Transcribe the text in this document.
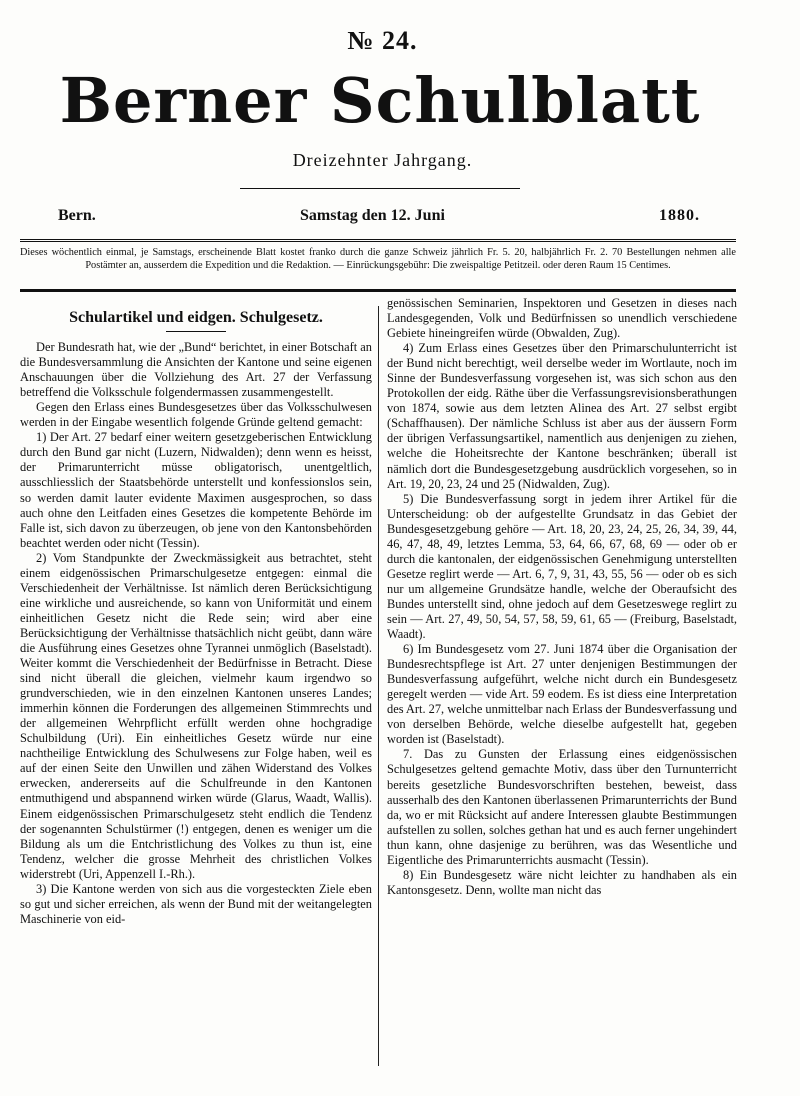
№ 24.
Berner Schulblatt
Dreizehnter Jahrgang.
Bern.	Samstag den 12. Juni	1880.
Dieses wöchentlich einmal, je Samstags, erscheinende Blatt kostet franko durch die ganze Schweiz jährlich Fr. 5. 20, halbjährlich Fr. 2. 70 Bestellungen nehmen alle Postämter an, ausserdem die Expedition und die Redaktion. — Einrückungsgebühr: Die zweispaltige Petitzeil. oder deren Raum 15 Centimes.
Schulartikel und eidgen. Schulgesetz.

Der Bundesrath hat, wie der „Bund“ berichtet, in einer Botschaft an die Bundesversammlung die Ansichten der Kantone und seine eigenen Anschauungen über die Vollziehung des Art. 27 der Verfassung betreffend die Volksschule folgendermassen zusammengestellt.

Gegen den Erlass eines Bundesgesetzes über das Volksschulwesen werden in der Eingabe wesentlich folgende Gründe geltend gemacht:

1) Der Art. 27 bedarf einer weitern gesetzgeberischen Entwicklung durch den Bund gar nicht (Luzern, Nidwalden); denn wenn es heisst, der Primarunterricht müsse obligatorisch, unentgeltlich, ausschliesslich der Staatsbehörde unterstellt und konfessionslos sein, so werden damit lauter evidente Maximen ausgesprochen, so dass auch ohne den Leitfaden eines Gesetzes die kompetente Behörde im Falle ist, sich davon zu überzeugen, ob jene von den Kantonsbehörden beachtet werden oder nicht (Tessin).

2) Vom Standpunkte der Zweckmässigkeit aus betrachtet, steht einem eidgenössischen Primarschulgesetze entgegen: einmal die Verschiedenheit der Verhältnisse. Ist nämlich deren Berücksichtigung eine wirkliche und ausreichende, so kann von Uniformität und einem einheitlichen Gesetz nicht die Rede sein; wird aber eine Berücksichtigung der Verhältnisse thatsächlich nicht geübt, dann wäre die Ausführung eines Gesetzes ohne Tyrannei unmöglich (Baselstadt). Weiter kommt die Verschiedenheit der Bedürfnisse in Betracht. Diese sind nicht überall die gleichen, vielmehr kaum irgendwo so grundverschieden, wie in den einzelnen Kantonen unseres Landes; immerhin können die Forderungen des allgemeinen Stimmrechts und der allgemeinen Wehrpflicht erfüllt werden ohne hochgradige Schulbildung (Uri). Ein einheitliches Gesetz würde nur eine nachtheilige Entwicklung des Schulwesens zur Folge haben, weil es auf der einen Seite den Unwillen und zähen Widerstand des Volkes erwecken, andererseits auf die Schulfreunde in den Kantonen entmuthigend und abspannend wirken würde (Glarus, Waadt, Wallis). Einem eidgenössischen Primarschulgesetz steht endlich die Tendenz der sogenannten Schulstürmer (!) entgegen, denen es weniger um die Bildung als um die Entchristlichung des Volkes zu thun ist, eine Tendenz, welcher die grosse Mehrheit des christlichen Volkes widerstrebt (Uri, Appenzell I.-Rh.).

3) Die Kantone werden von sich aus die vorgesteckten Ziele eben so gut und sicher erreichen, als wenn der Bund mit der weitangelegten Maschinerie von eid-

genössischen Seminarien, Inspektoren und Gesetzen in dieses nach Landesgegenden, Volk und Bedürfnissen so unendlich verschiedene Gebiete hineingreifen würde (Obwalden, Zug).

4) Zum Erlass eines Gesetzes über den Primarschulunterricht ist der Bund nicht berechtigt, weil derselbe weder im Wortlaute, noch im Sinne der Bundesverfassung vorgesehen ist, was sich schon aus den Protokollen der eidg. Räthe über die Verfassungsrevisionsberathungen von 1874, sowie aus dem letzten Alinea des Art. 27 selbst ergibt (Schaffhausen). Der nämliche Schluss ist aber aus der äussern Form der übrigen Verfassungsartikel, namentlich aus denjenigen zu ziehen, welche die Hoheitsrechte der Kantone beschränken; überall ist nämlich dort die Bundesgesetzgebung ausdrücklich vorgesehen, so in Art. 19, 20, 23, 24 und 25 (Nidwalden, Zug).

5) Die Bundesverfassung sorgt in jedem ihrer Artikel für die Unterscheidung: ob der aufgestellte Grundsatz in das Gebiet der Bundesgesetzgebung gehöre — Art. 18, 20, 23, 24, 25, 26, 34, 39, 44, 46, 47, 48, 49, letztes Lemma, 53, 64, 66, 67, 68, 69 — oder ob er durch die kantonalen, der eidgenössischen Genehmigung unterstellten Gesetze reglirt werde — Art. 6, 7, 9, 31, 43, 55, 56 — oder ob es sich nur um allgemeine Grundsätze handle, welche der Oberaufsicht des Bundes unterstellt sind, ohne jedoch auf dem Gesetzeswege reglirt zu sein — Art. 27, 49, 50, 54, 57, 58, 59, 61, 65 — (Freiburg, Baselstadt, Waadt).

6) Im Bundesgesetz vom 27. Juni 1874 über die Organisation der Bundesrechtspflege ist Art. 27 unter denjenigen Bestimmungen der Bundesverfassung aufgeführt, welche nicht durch ein Bundesgesetz geregelt werden — vide Art. 59 eodem. Es ist diess eine Interpretation des Art. 27, welche unmittelbar nach Erlass der Bundesverfassung und von derselben Behörde, welche dieselbe aufgestellt hat, gegeben worden ist (Baselstadt).

7. Das zu Gunsten der Erlassung eines eidgenössischen Schulgesetzes geltend gemachte Motiv, dass über den Turnunterricht bereits gesetzliche Bundesvorschriften bestehen, beweist, dass ausserhalb des den Kantonen überlassenen Primarunterrichts der Bund da, wo er mit Rücksicht auf andere Interessen glaubte Bestimmungen aufstellen zu sollen, solches gethan hat und es auch ferner ungehindert thun kann, ohne dasjenige zu berühren, was das Wesentliche und Eigentliche des Primarunterrichts ausmacht (Tessin).

8) Ein Bundesgesetz wäre nicht leichter zu handhaben als ein Kantonsgesetz. Denn, wollte man nicht das
